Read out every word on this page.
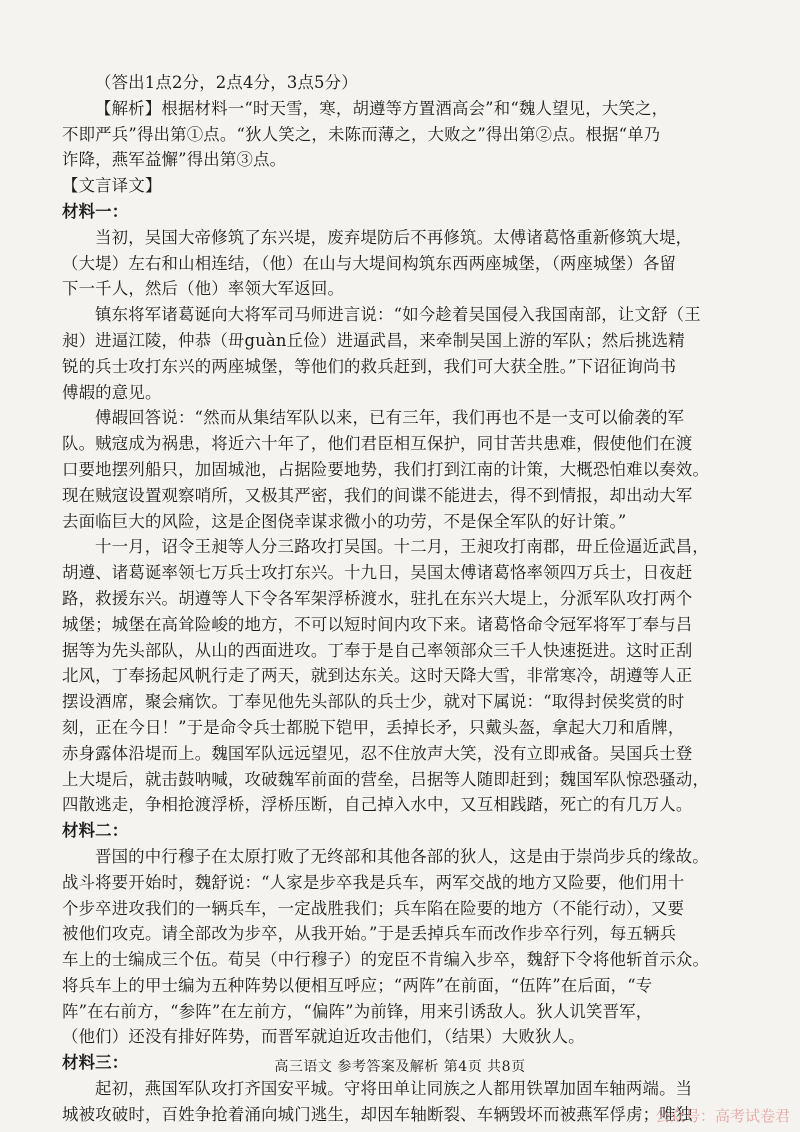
（答出1点2分，2点4分，3点5分）
【解析】根据材料一“时天雪，寒，胡遵等方置酒高会”和“魏人望见，大笑之，
不即严兵”得出第①点。“狄人笑之，未陈而薄之，大败之”得出第②点。根据“单乃
诈降，燕军益懈”得出第③点。
【文言译文】
材料一：
当初，吴国大帝修筑了东兴堤，废弃堤防后不再修筑。太傅诸葛恪重新修筑大堤，
（大堤）左右和山相连结，（他）在山与大堤间构筑东西两座城堡，（两座城堡）各留
下一千人，然后（他）率领大军返回。
镇东将军诸葛诞向大将军司马师进言说：“如今趁着吴国侵入我国南部，让文舒（王
昶）进逼江陵，仲恭（毌guàn丘俭）进逼武昌，来牵制吴国上游的军队；然后挑选精
锐的兵士攻打东兴的两座城堡，等他们的救兵赶到，我们可大获全胜。”下诏征询尚书
傅嘏的意见。
傅嘏回答说：“然而从集结军队以来，已有三年，我们再也不是一支可以偷袭的军
队。贼寇成为祸患，将近六十年了，他们君臣相互保护，同甘苦共患难，假使他们在渡
口要地摆列船只，加固城池，占据险要地势，我们打到江南的计策，大概恐怕难以奏效。
现在贼寇设置观察哨所，又极其严密，我们的间谍不能进去，得不到情报，却出动大军
去面临巨大的风险，这是企图侥幸谋求微小的功劳，不是保全军队的好计策。”
十一月，诏令王昶等人分三路攻打吴国。十二月，王昶攻打南郡，毌丘俭逼近武昌，
胡遵、诸葛诞率领七万兵士攻打东兴。十九日，吴国太傅诸葛恪率领四万兵士，日夜赶
路，救援东兴。胡遵等人下令各军架浮桥渡水，驻扎在东兴大堤上，分派军队攻打两个
城堡；城堡在高耸险峻的地方，不可以短时间内攻下来。诸葛恪命令冠军将军丁奉与吕
据等为先头部队，从山的西面进攻。丁奉于是自己率领部众三千人快速挺进。这时正刮
北风，丁奉扬起风帆行走了两天，就到达东关。这时天降大雪，非常寒冷，胡遵等人正
摆设酒席，聚会痛饮。丁奉见他先头部队的兵士少，就对下属说：“取得封侯奖赏的时
刻，正在今日！”于是命令兵士都脱下铠甲，丢掉长矛，只戴头盔，拿起大刀和盾牌，
赤身露体沿堤而上。魏国军队远远望见，忍不住放声大笑，没有立即戒备。吴国兵士登
上大堤后，就击鼓呐喊，攻破魏军前面的营垒，吕据等人随即赶到；魏国军队惊恐骚动，
四散逃走，争相抢渡浮桥，浮桥压断，自己掉入水中，又互相践踏，死亡的有几万人。
材料二：
晋国的中行穆子在太原打败了无终部和其他各部的狄人，这是由于崇尚步兵的缘故。
战斗将要开始时，魏舒说：“人家是步卒我是兵车，两军交战的地方又险要，他们用十
个步卒进攻我们的一辆兵车，一定战胜我们；兵车陷在险要的地方（不能行动），又要
被他们攻克。请全部改为步卒，从我开始。”于是丢掉兵车而改作步卒行列，每五辆兵
车上的士编成三个伍。荀吴（中行穆子）的宠臣不肯编入步卒，魏舒下令将他斩首示众。
将兵车上的甲士编为五种阵势以便相互呼应；“两阵”在前面，“伍阵”在后面，“专
阵”在右前方，“参阵”在左前方，“偏阵”为前锋，用来引诱敌人。狄人讥笑晋军，
（他们）还没有排好阵势，而晋军就迫近攻击他们，（结果）大败狄人。
材料三：
起初，燕国军队攻打齐国安平城。守将田单让同族之人都用铁罩加固车轴两端。当
城被攻破时，百姓争抢着涌向城门逃生，却因车轴断裂、车辆毁坏而被燕军俘虏；唯独
高三语文 参考答案及解析 第4页 共8页
公众号：高考试卷君
